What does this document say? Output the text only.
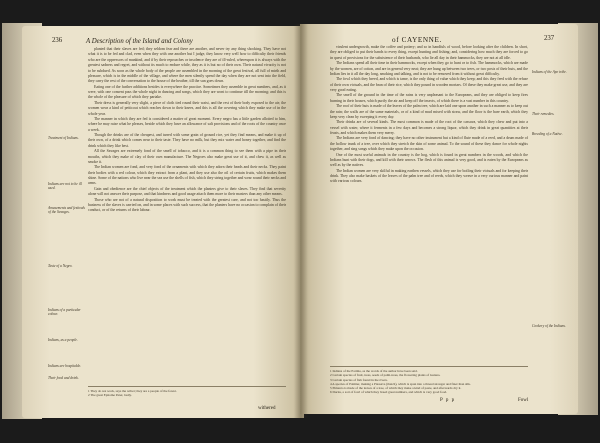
236	A Description of the Island and Colony

planted that their slaves are fed; they seldom fear and there are another, and never try any thing shocking. They have not what it is to be fed and clad, even when they with one another but I judge, they know very well how to difficulty their friends who are the oppressors of mankind, and if by their reproaches or insolence they are of ill-ruled, whereupon it is always with the greatest sadness and regret, and without its much to endure while, they as it is but no of their own. Their natural vivacity is not to be subdued. As soon as the whole body of the people are assembled in the morning of the great festival, all full of mirth and pleasure, which is in the middle of the village, and where the men silently spend the day when they are not sent into the field, they carry the rest of the conversation to the house of the heather, till the sun goes down.

Eating one of the further additions besides is everywhere the practice. Sometimes they assemble in great numbers, and, as it were, with one consent pass the whole night in dancing and songs, which they are wont to continue till the morning; and this is the whole of the pleasure of which they partake.

Their dress is generally very slight, a piece of cloth tied round their waist, and the rest of their body exposed to the air; the women wear a kind of petticoat which reaches down to their knees, and this is all the covering which they make use of in the whole year.

The manner in which they are fed is considered a matter of great moment. Every negro has a little garden allotted to him, where he may raise what he pleases, beside which they have an allowance of salt provisions and of the roots of the country once a week.

Though the drinks are of the cheapest, and tarred with some grain of ground rice, yet they find means, and make it up of their own, of a drink which comes near to their taste. They have no milk, but they mix water and honey together, and find the drink which they like best.

All the Savages are extremely fond of the smell of tobacco, and it is a common thing to see them with a pipe in their mouths, which they make of clay of their own manufacture. The Negroes also make great use of it, and chew it, as well as smoke it.

The Indian women are fond, and very fond of the ornaments with which they adorn their heads and their necks. They paint their bodies with a red colour, which they extract from a plant, and they use also the oil of certain fruits, which makes them shine. Some of the nations who live near the sea use the shells of fish, which they string together and wear round their necks and arms.

Gain and obedience are the chief objects of the treatment which the planters give to their slaves. They find that severity alone will not answer their purpose, and that kindness and good usage attach them more to their masters than any other means.

Those who are not of a natural disposition to work must be treated with the greatest care, and not too hastily. Thus the business of the slaves is carried on, and in some places with such success, that the planters have no occasion to complain of their conduct, or of the returns of their labour.

Treatment of Indians.
Indians are not to be ill used.
Amusements and festivals of the Savages.
Taste of a Negro.
Indians of a particular colour.
Indians, as a people.
Indians are hospitable.
Their food and drink.
1 They do not work, says the writer; they are a people of the forest.
2 The great Epitome Peter, lastly.
withered
of CAYENNE.	237

virulent undergrowth, make the coffee and pottery; and so in handfuls of wood, before looking after the children. In short, they are obliged to put their hands to every thing, except hunting and fishing; and, considering how much they are forced to go in quest of provisions for the subsistence of their husbands, who lie all day in their hammocks, they are not at all idle.

The Indians spend all their time in their hammocks, except when they go to hunt or to fish. The hammocks, which are made by the women, are of cotton, and are in general very neat; they are hung up between two trees, or two posts of their huts, and the Indian lies in it all the day long, smoking and talking, and is not to be removed from it without great difficulty.

The fowl which they breed, and which is tame, is the only thing of value which they keep; and this they feed with the refuse of their own victuals, and the bran of their rice, which they pound in wooden mortars. Of these they make great use, and they are very good eating.

The smell of the ground in the time of the rains is very unpleasant to the Europeans, and they are obliged to keep fires burning in their houses, which purify the air and keep off the insects, of which there is a vast number in this country.

The roof of their huts is made of the leaves of the palm tree, which are laid one upon another in such a manner as to keep out the rain; the walls are of the same materials, or of a kind of mud mixed with straw, and the floor is the bare earth, which they keep very clean by sweeping it every day.

Their drinks are of several kinds. The most common is made of the root of the cassava, which they chew and put into a vessel with water, where it ferments in a few days and becomes a strong liquor, which they drink in great quantities at their feasts, and which makes them very merry.

The Indians are very fond of dancing; they have no other instrument but a kind of flute made of a reed, and a drum made of the hollow trunk of a tree, over which they stretch the skin of some animal. To the sound of these they dance for whole nights together, and sing songs which they make upon the occasion.

One of the most useful animals in the country is the hog, which is found in great numbers in the woods, and which the Indians hunt with their dogs, and kill with their arrows. The flesh of this animal is very good, and is eaten by the Europeans as well as by the natives.

The Indian women are very skilful in making earthen vessels, which they use for boiling their victuals and for keeping their drink. They also make baskets of the leaves of the palm tree and of reeds, which they weave in a very curious manner and paint with various colours.

Indians of the Ape tribe.
Their remedies.
Breeding of a Native.
Cookery of the Indians.
1 Indians of the Parima, as the words of the author have been said.
2 Certain species of fruit, trees, seeds of palm-trees, the flowering plants of Guiana.
3 Certain species of fish found in the rivers.
4 A species of Palmier, making a Piassava (thatch), which is spun into a thread stronger and finer than silk.
5 Pimento is made of the leaves of a tree, of which they make a kind of paste, and afterwards dry it.
6 Ducks, a sort of fowl of which they breed great numbers, and which is very good food.
P p p	Fowl
